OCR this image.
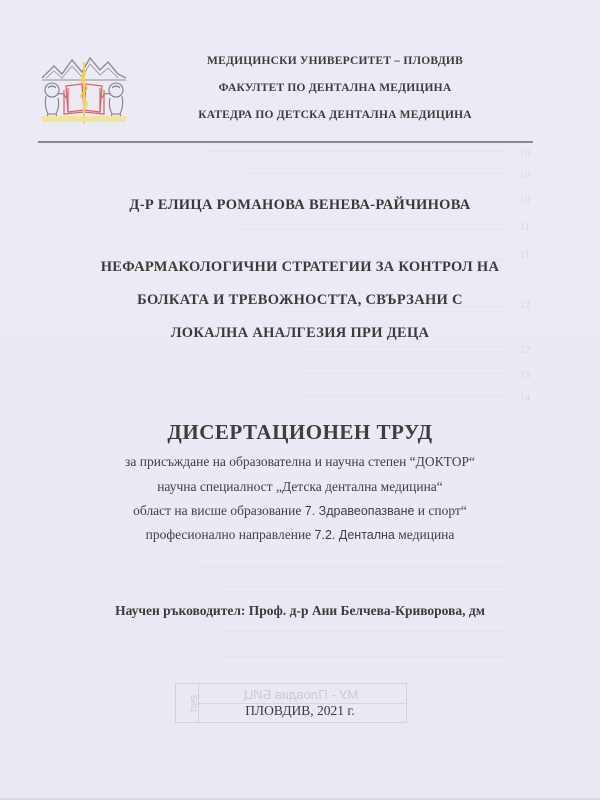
10
10
10
11
11
12
12
13
14
МЕДИЦИНСКИ УНИВЕРСИТЕТ – ПЛОВДИВ
ФАКУЛТЕТ ПО ДЕНТАЛНА МЕДИЦИНА
КАТЕДРА ПО ДЕТСКА ДЕНТАЛНА МЕДИЦИНА
Д-Р ЕЛИЦА РОМАНОВА ВЕНЕВА-РАЙЧИНОВА
НЕФАРМАКОЛОГИЧНИ СТРАТЕГИИ ЗА КОНТРОЛ НА
БОЛКАТА И ТРЕВОЖНОСТТА, СВЪРЗАНИ С
ЛОКАЛНА АНАЛГЕЗИЯ ПРИ ДЕЦА
ДИСЕРТАЦИОНЕН ТРУД
за присъждане на образователна и научна степен “ДОКТОР“
научна специалност „Детска дентална медицина“
област на висше образование 7. Здравеопазване и спорт“
професионално направление 7.2. Дентална медицина
Научен ръководител: Проф. д-р Ани Белчева-Криворова, дм
БИЦ
МУ - Пловдив БИЦ
ПЛОВДИВ, 2021 г.
